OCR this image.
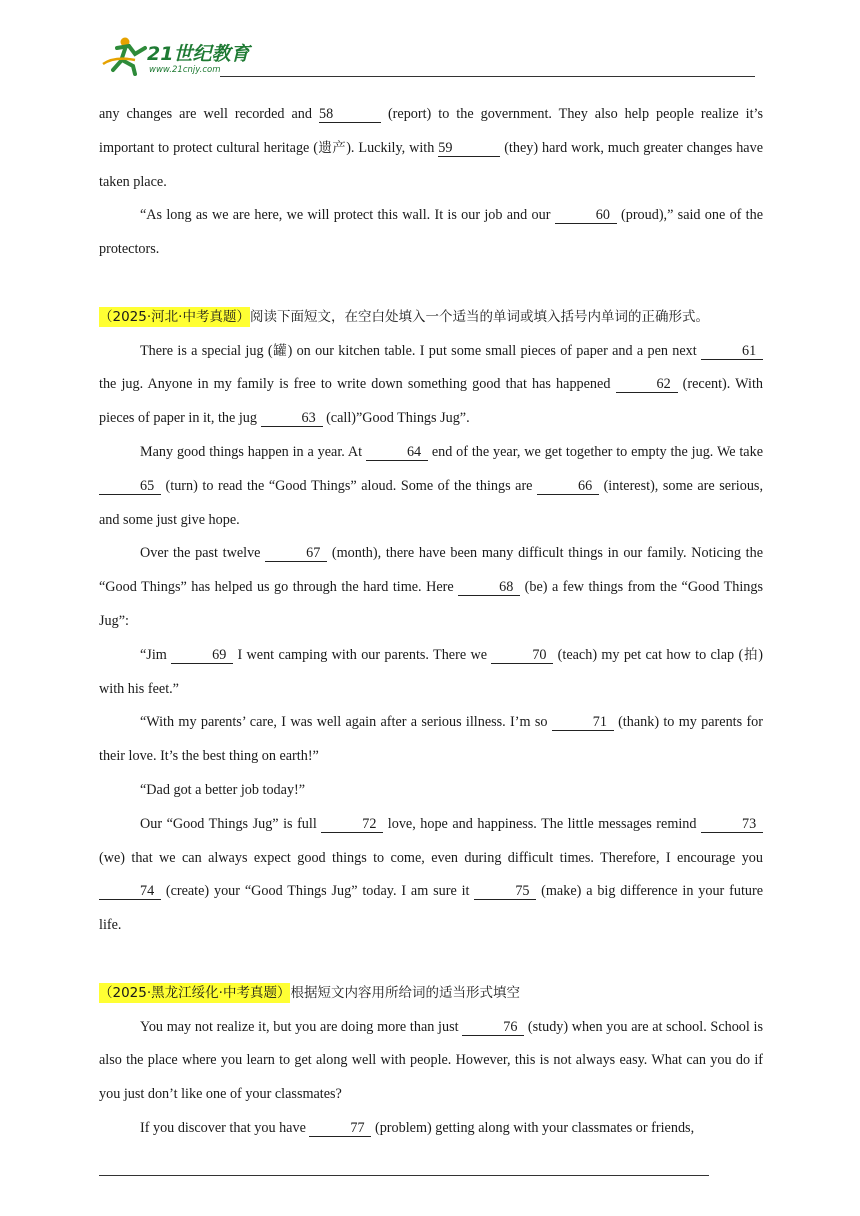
21世纪教育
www.21cnjy.com

any changes are well recorded and 58	(report) to the government. They also help people realize it’s important to protect cultural heritage (遗产). Luckily, with 59	(they) hard work, much greater changes have taken place.

“As long as we are here, we will protect this wall. It is our job and our	60 (proud),” said one of the protectors.

（2025·河北·中考真题）阅读下面短文，在空白处填入一个适当的单词或填入括号内单词的正确形式。

There is a special jug (罐) on our kitchen table. I put some small pieces of paper and a pen next	61 the jug. Anyone in my family is free to write down something good that has happened	62 (recent). With pieces of paper in it, the jug	63 (call)”Good Things Jug”.

Many good things happen in a year. At	64 end of the year, we get together to empty the jug. We take 65 (turn) to read the “Good Things” aloud. Some of the things are	66 (interest), some are serious, and some just give hope.

Over the past twelve	67 (month), there have been many difficult things in our family. Noticing the “Good Things” has helped us go through the hard time. Here	68 (be) a few things from the “Good Things Jug”:

“Jim	69 I went camping with our parents. There we	70 (teach) my pet cat how to clap (拍) with his feet.”

“With my parents’ care, I was well again after a serious illness. I’m so	71 (thank) to my parents for their love. It’s the best thing on earth!”

“Dad got a better job today!”

Our “Good Things Jug” is full	72 love, hope and happiness. The little messages remind	73 (we) that we can always expect good things to come, even during difficult times. Therefore, I encourage you 74 (create) your “Good Things Jug” today. I am sure it	75 (make) a big difference in your future life.

（2025·黑龙江绥化·中考真题）根据短文内容用所给词的适当形式填空

You may not realize it, but you are doing more than just	76 (study) when you are at school. School is also the place where you learn to get along well with people. However, this is not always easy. What can you do if you just don’t like one of your classmates?

If you discover that you have	77 (problem) getting along with your classmates or friends,
